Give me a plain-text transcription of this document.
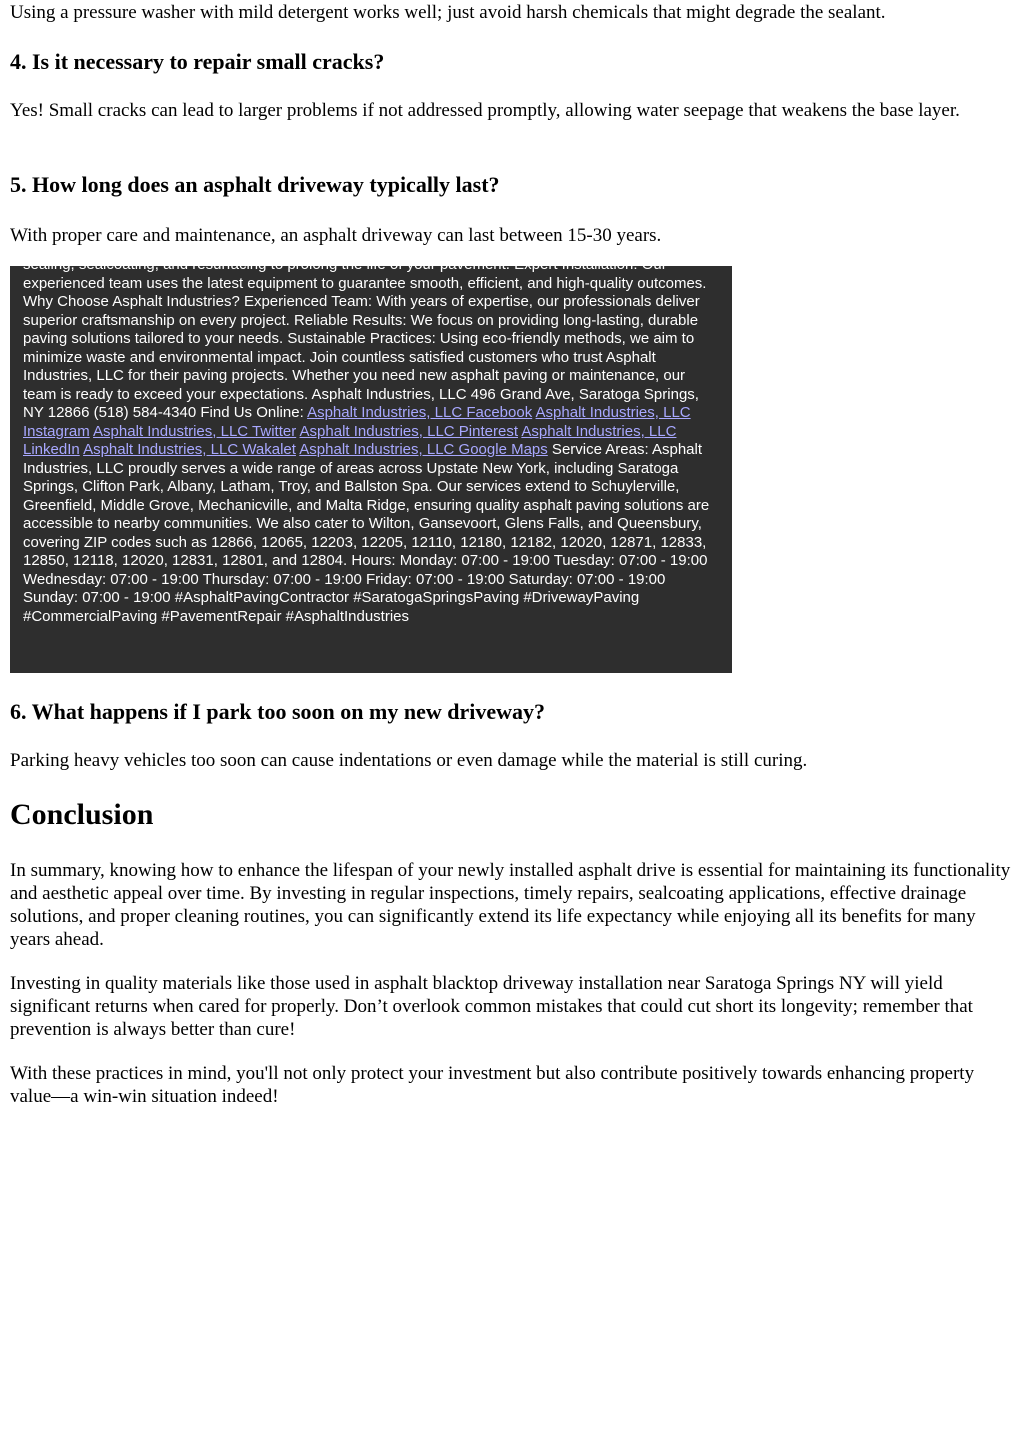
Using a pressure washer with mild detergent works well; just avoid harsh chemicals that might degrade the sealant.

4. Is it necessary to repair small cracks?

Yes! Small cracks can lead to larger problems if not addressed promptly, allowing water seepage that weakens the base layer.

5. How long does an asphalt driveway typically last?

With proper care and maintenance, an asphalt driveway can last between 15-30 years.

sealing, sealcoating, and resurfacing to prolong the life of your pavement. Expert Installation: Our experienced team uses the latest equipment to guarantee smooth, efficient, and high-quality outcomes. Why Choose Asphalt Industries? Experienced Team: With years of expertise, our professionals deliver superior craftsmanship on every project. Reliable Results: We focus on providing long-lasting, durable paving solutions tailored to your needs. Sustainable Practices: Using eco-friendly methods, we aim to minimize waste and environmental impact. Join countless satisfied customers who trust Asphalt Industries, LLC for their paving projects. Whether you need new asphalt paving or maintenance, our team is ready to exceed your expectations. Asphalt Industries, LLC 496 Grand Ave, Saratoga Springs, NY 12866 (518) 584-4340 Find Us Online: Asphalt Industries, LLC Facebook Asphalt Industries, LLC Instagram Asphalt Industries, LLC Twitter Asphalt Industries, LLC Pinterest Asphalt Industries, LLC LinkedIn Asphalt Industries, LLC Wakalet Asphalt Industries, LLC Google Maps Service Areas: Asphalt Industries, LLC proudly serves a wide range of areas across Upstate New York, including Saratoga Springs, Clifton Park, Albany, Latham, Troy, and Ballston Spa. Our services extend to Schuylerville, Greenfield, Middle Grove, Mechanicville, and Malta Ridge, ensuring quality asphalt paving solutions are accessible to nearby communities. We also cater to Wilton, Gansevoort, Glens Falls, and Queensbury, covering ZIP codes such as 12866, 12065, 12203, 12205, 12110, 12180, 12182, 12020, 12871, 12833, 12850, 12118, 12020, 12831, 12801, and 12804. Hours: Monday: 07:00 - 19:00 Tuesday: 07:00 - 19:00 Wednesday: 07:00 - 19:00 Thursday: 07:00 - 19:00 Friday: 07:00 - 19:00 Saturday: 07:00 - 19:00 Sunday: 07:00 - 19:00 #AsphaltPavingContractor #SaratogaSpringsPaving #DrivewayPaving #CommercialPaving #PavementRepair #AsphaltIndustries

6. What happens if I park too soon on my new driveway?

Parking heavy vehicles too soon can cause indentations or even damage while the material is still curing.

Conclusion

In summary, knowing how to enhance the lifespan of your newly installed asphalt drive is essential for maintaining its functionality and aesthetic appeal over time. By investing in regular inspections, timely repairs, sealcoating applications, effective drainage solutions, and proper cleaning routines, you can significantly extend its life expectancy while enjoying all its benefits for many years ahead.

Investing in quality materials like those used in asphalt blacktop driveway installation near Saratoga Springs NY will yield significant returns when cared for properly. Don’t overlook common mistakes that could cut short its longevity; remember that prevention is always better than cure!

With these practices in mind, you'll not only protect your investment but also contribute positively towards enhancing property value—a win-win situation indeed!
